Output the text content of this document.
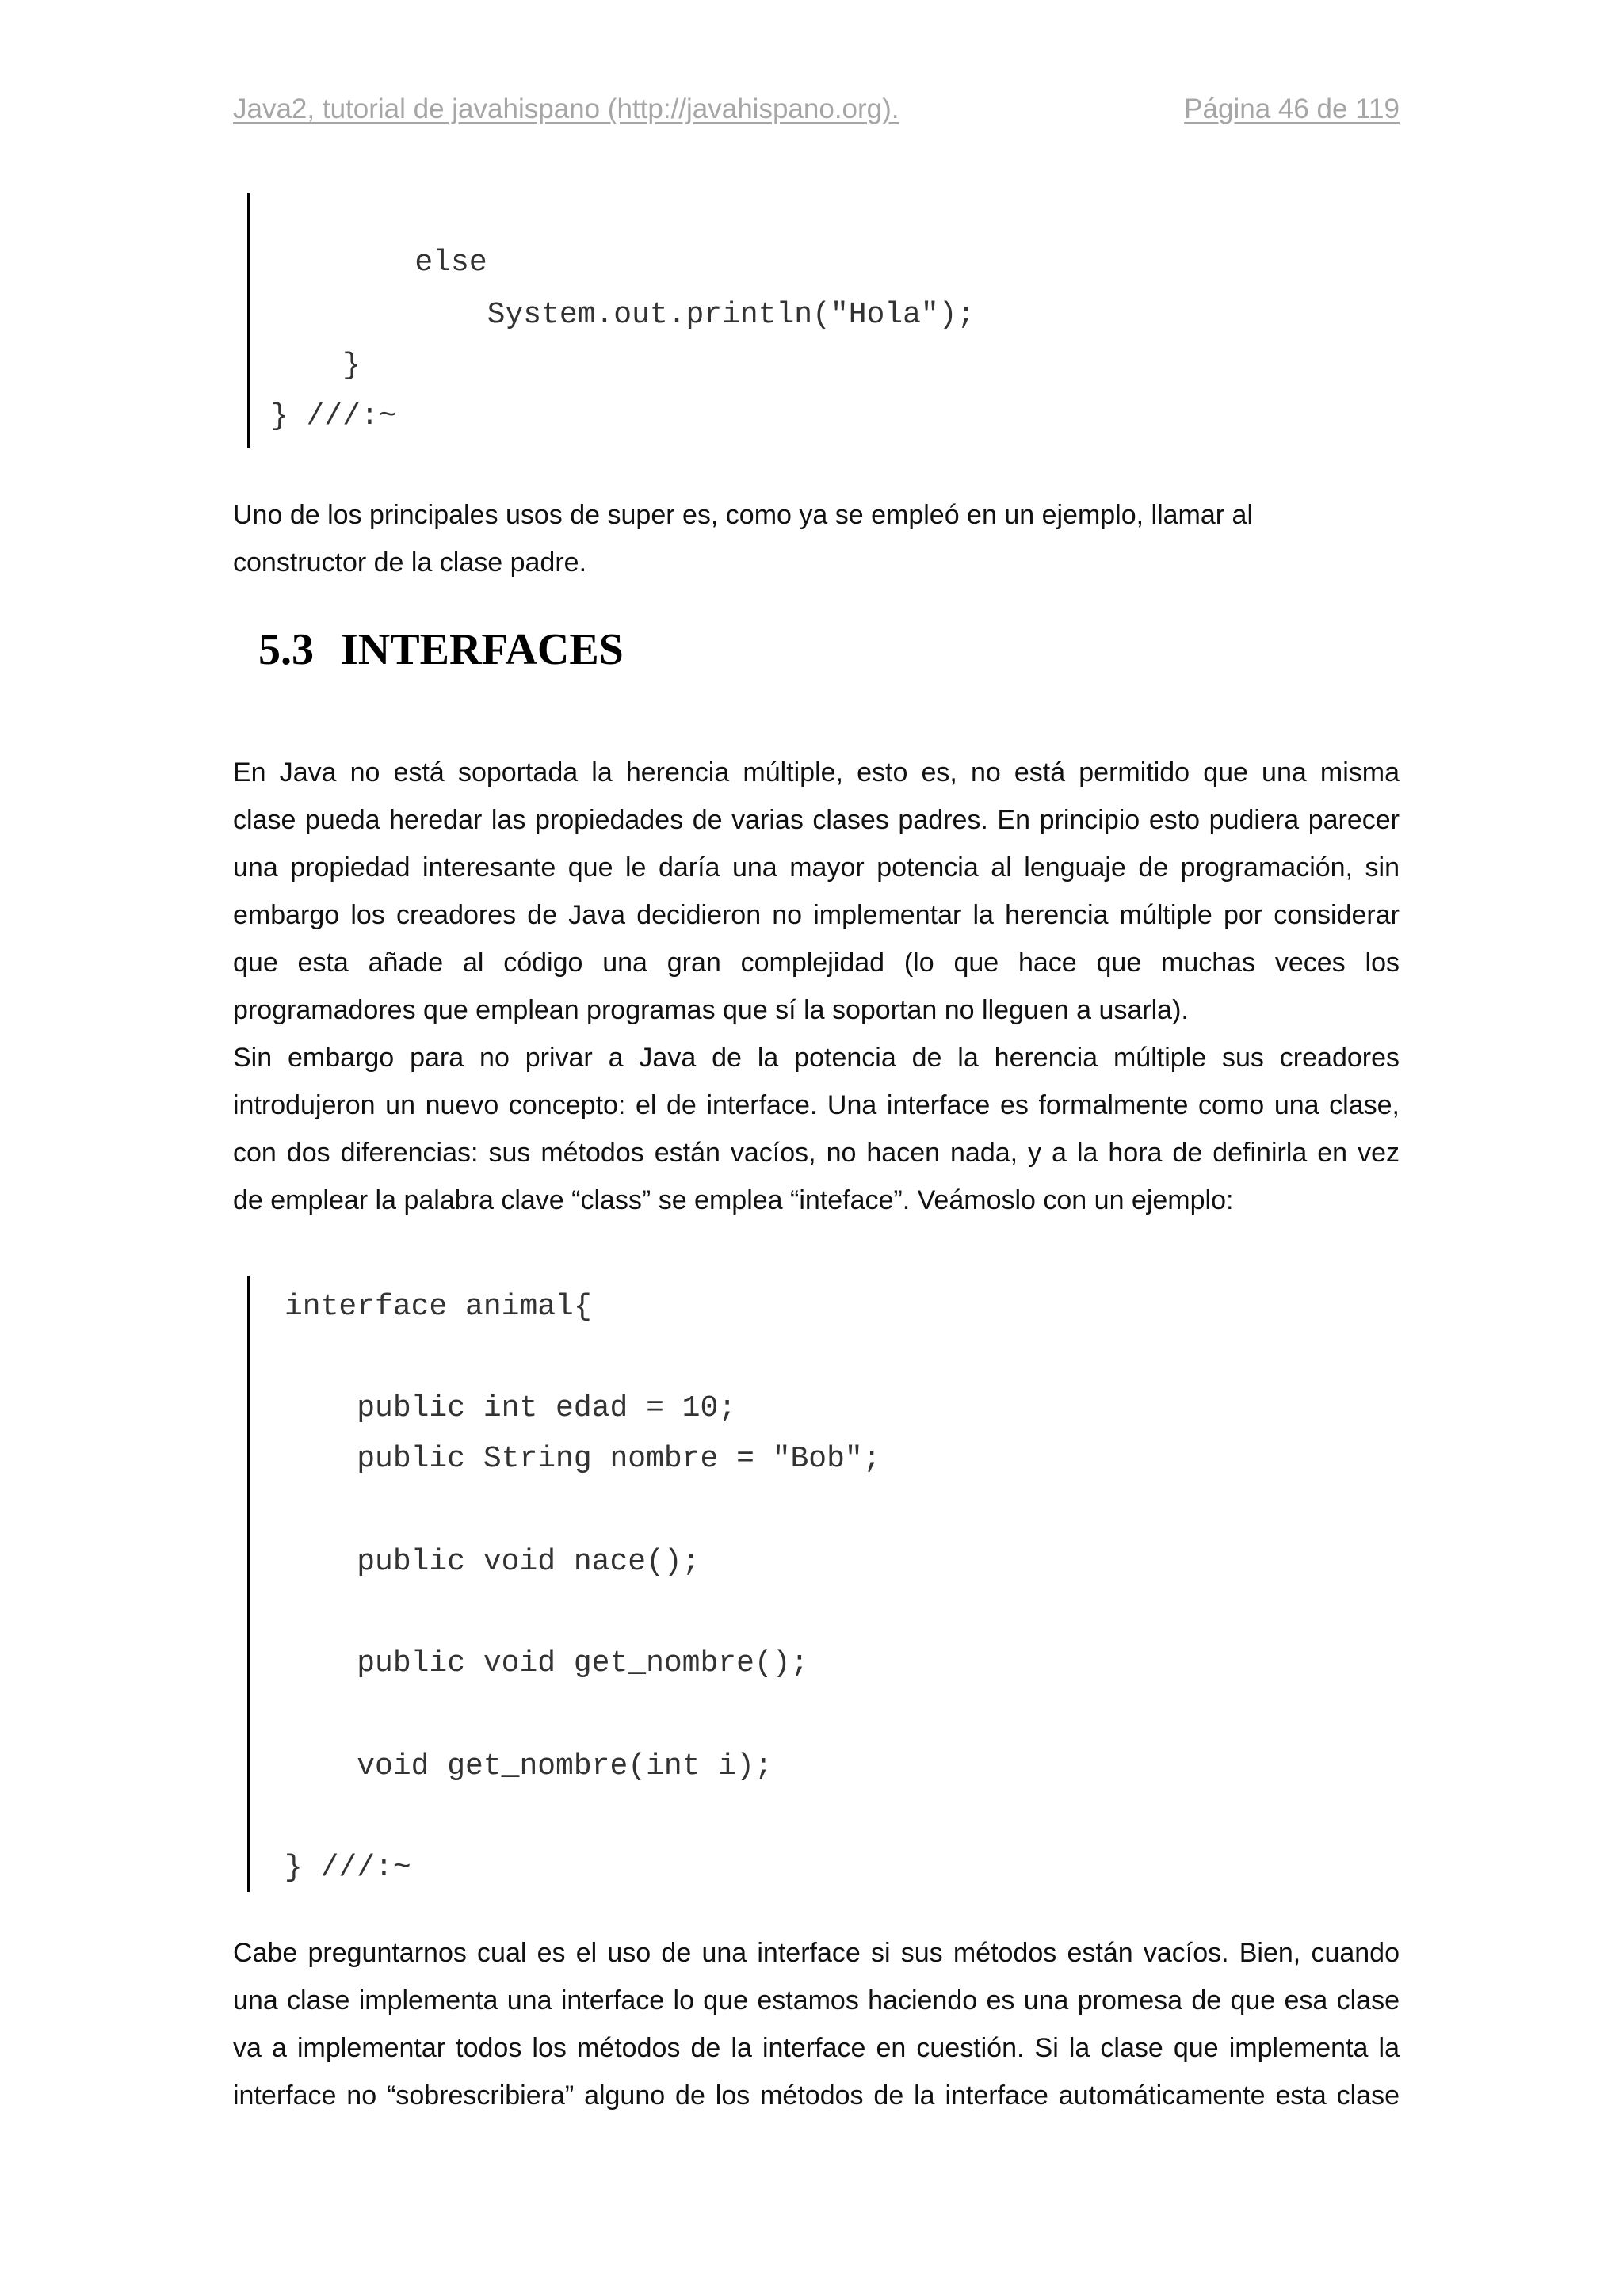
Java2, tutorial de javahispano (http://javahispano.org).	Página 46 de 119
else
System.out.println("Hola");
}
} ///:~
Uno de los principales usos de super es, como ya se empleó en un ejemplo, llamar al
constructor de la clase padre.
5.3 INTERFACES
En Java no está soportada la herencia múltiple, esto es, no está permitido que una misma
clase pueda heredar las propiedades de varias clases padres. En principio esto pudiera parecer
una propiedad interesante que le daría una mayor potencia al lenguaje de programación, sin
embargo los creadores de Java decidieron no implementar la herencia múltiple por considerar
que esta añade al código una gran complejidad (lo que hace que muchas veces los
programadores que emplean programas que sí la soportan no lleguen a usarla).
Sin embargo para no privar a Java de la potencia de la herencia múltiple sus creadores
introdujeron un nuevo concepto: el de interface. Una interface es formalmente como una clase,
con dos diferencias: sus métodos están vacíos, no hacen nada, y a la hora de definirla en vez
de emplear la palabra clave “class” se emplea “inteface”. Veámoslo con un ejemplo:
interface animal{
public int edad = 10;
public String nombre = "Bob";
public void nace();
public void get_nombre();
void get_nombre(int i);
} ///:~
Cabe preguntarnos cual es el uso de una interface si sus métodos están vacíos. Bien, cuando
una clase implementa una interface lo que estamos haciendo es una promesa de que esa clase
va a implementar todos los métodos de la interface en cuestión. Si la clase que implementa la
interface no “sobrescribiera” alguno de los métodos de la interface automáticamente esta clase
